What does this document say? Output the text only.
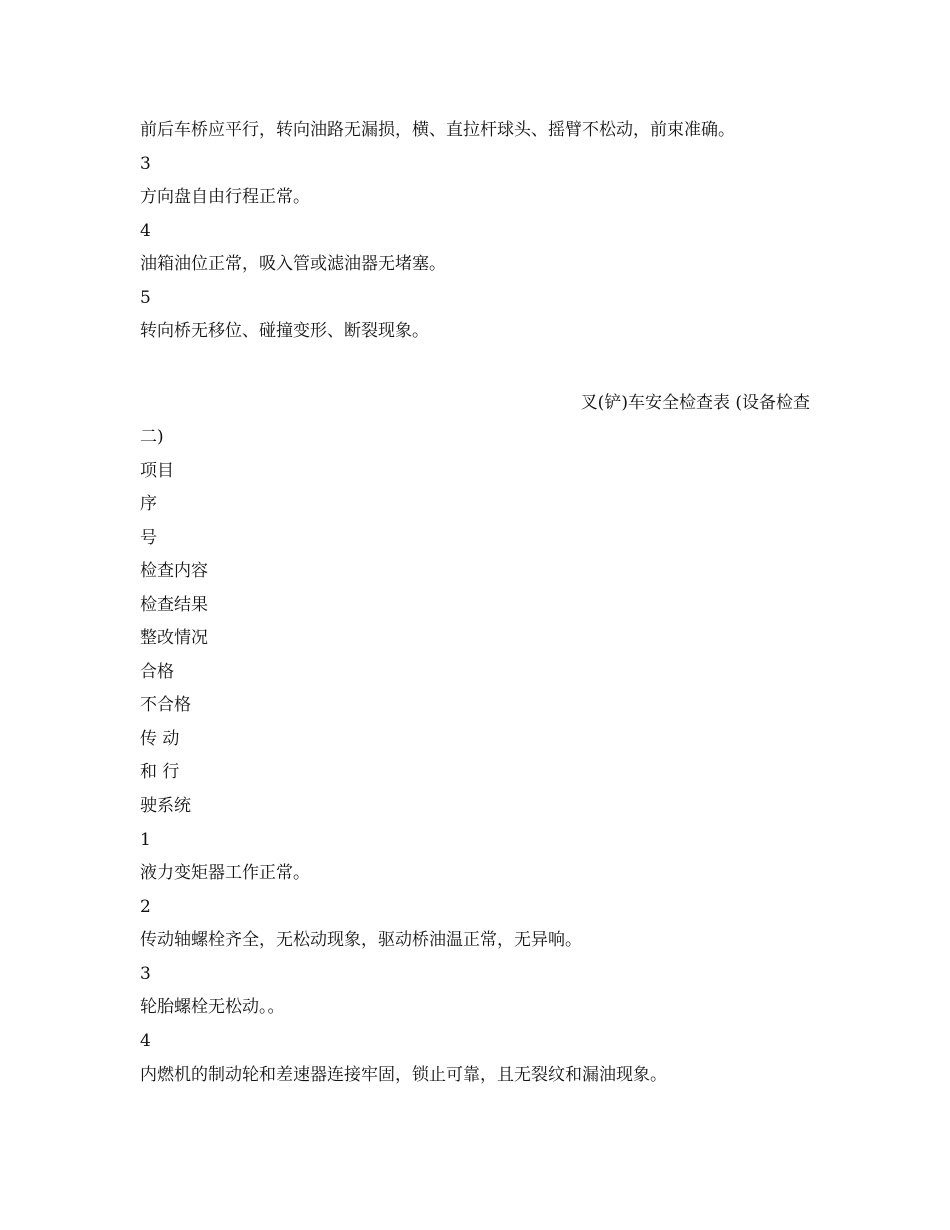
前后车桥应平行，转向油路无漏损，横、直拉杆球头、摇臂不松动，前束准确。
3
方向盘自由行程正常。
4
油箱油位正常，吸入管或滤油器无堵塞。
5
转向桥无移位、碰撞变形、断裂现象。
叉(铲)车安全检查表 (设备检查
二)
项目
序
号
检查内容
检查结果
整改情况
合格
不合格
传 动
和 行
驶系统
1
液力变矩器工作正常。
2
传动轴螺栓齐全，无松动现象，驱动桥油温正常，无异响。
3
轮胎螺栓无松动。。
4
内燃机的制动轮和差速器连接牢固，锁止可靠，且无裂纹和漏油现象。
